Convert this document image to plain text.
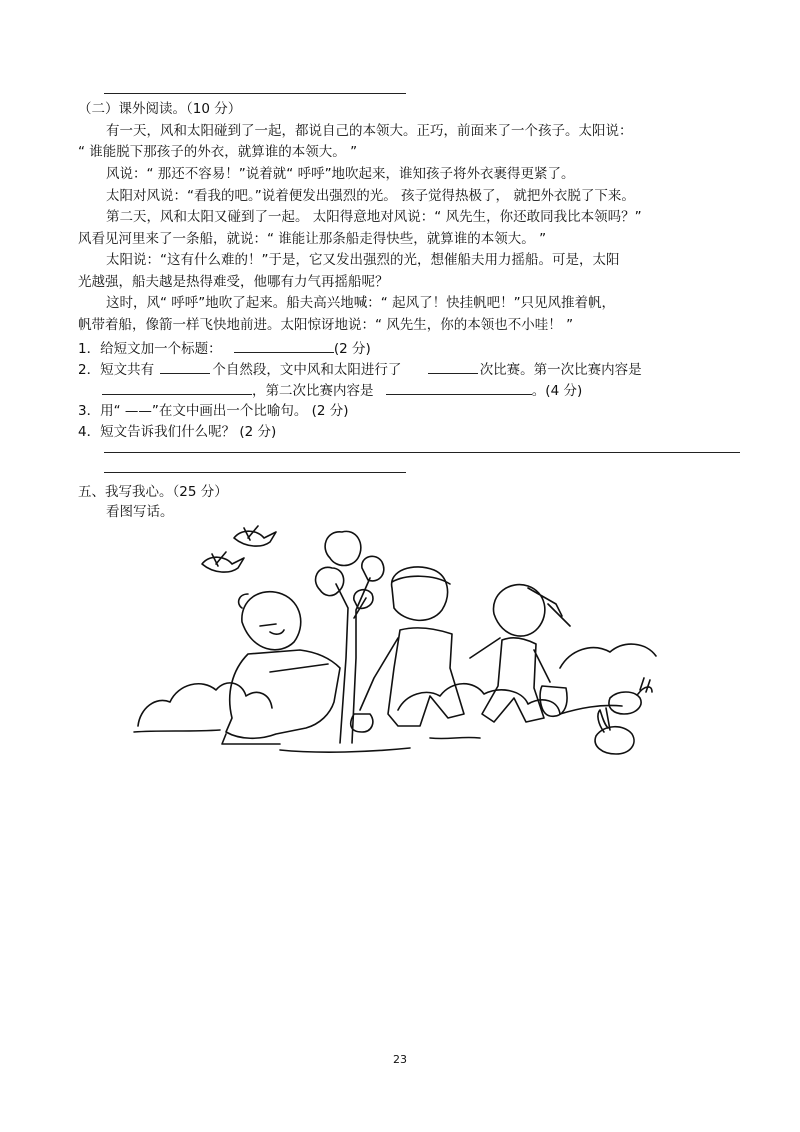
（二）课外阅读。（10 分）
有一天，风和太阳碰到了一起，都说自己的本领大。正巧，前面来了一个孩子。太阳说：
“ 谁能脱下那孩子的外衣，就算谁的本领大。 ”
风说：“ 那还不容易！”说着就“ 呼呼”地吹起来，谁知孩子将外衣裹得更紧了。
太阳对风说：“看我的吧。”说着便发出强烈的光。 孩子觉得热极了， 就把外衣脱了下来。
第二天，风和太阳又碰到了一起。 太阳得意地对风说：“ 风先生，你还敢同我比本领吗？”
风看见河里来了一条船，就说：“ 谁能让那条船走得快些，就算谁的本领大。 ”
太阳说：“这有什么难的！”于是，它又发出强烈的光，想催船夫用力摇船。可是，太阳
光越强，船夫越是热得难受，他哪有力气再摇船呢？
这时，风“ 呼呼”地吹了起来。船夫高兴地喊：“ 起风了！快挂帆吧！”只见风推着帆，
帆带着船，像箭一样飞快地前进。太阳惊讶地说：“ 风先生，你的本领也不小哇！ ”
1．给短文加一个标题：	(2 分)
2．短文共有	个自然段，文中风和太阳进行了	次比赛。第一次比赛内容是
，第二次比赛内容是	。(4 分)
3．用“ ——”在文中画出一个比喻句。 (2 分)
4．短文告诉我们什么呢？ (2 分)
五、我写我心。（25 分）
看图写话。
23
